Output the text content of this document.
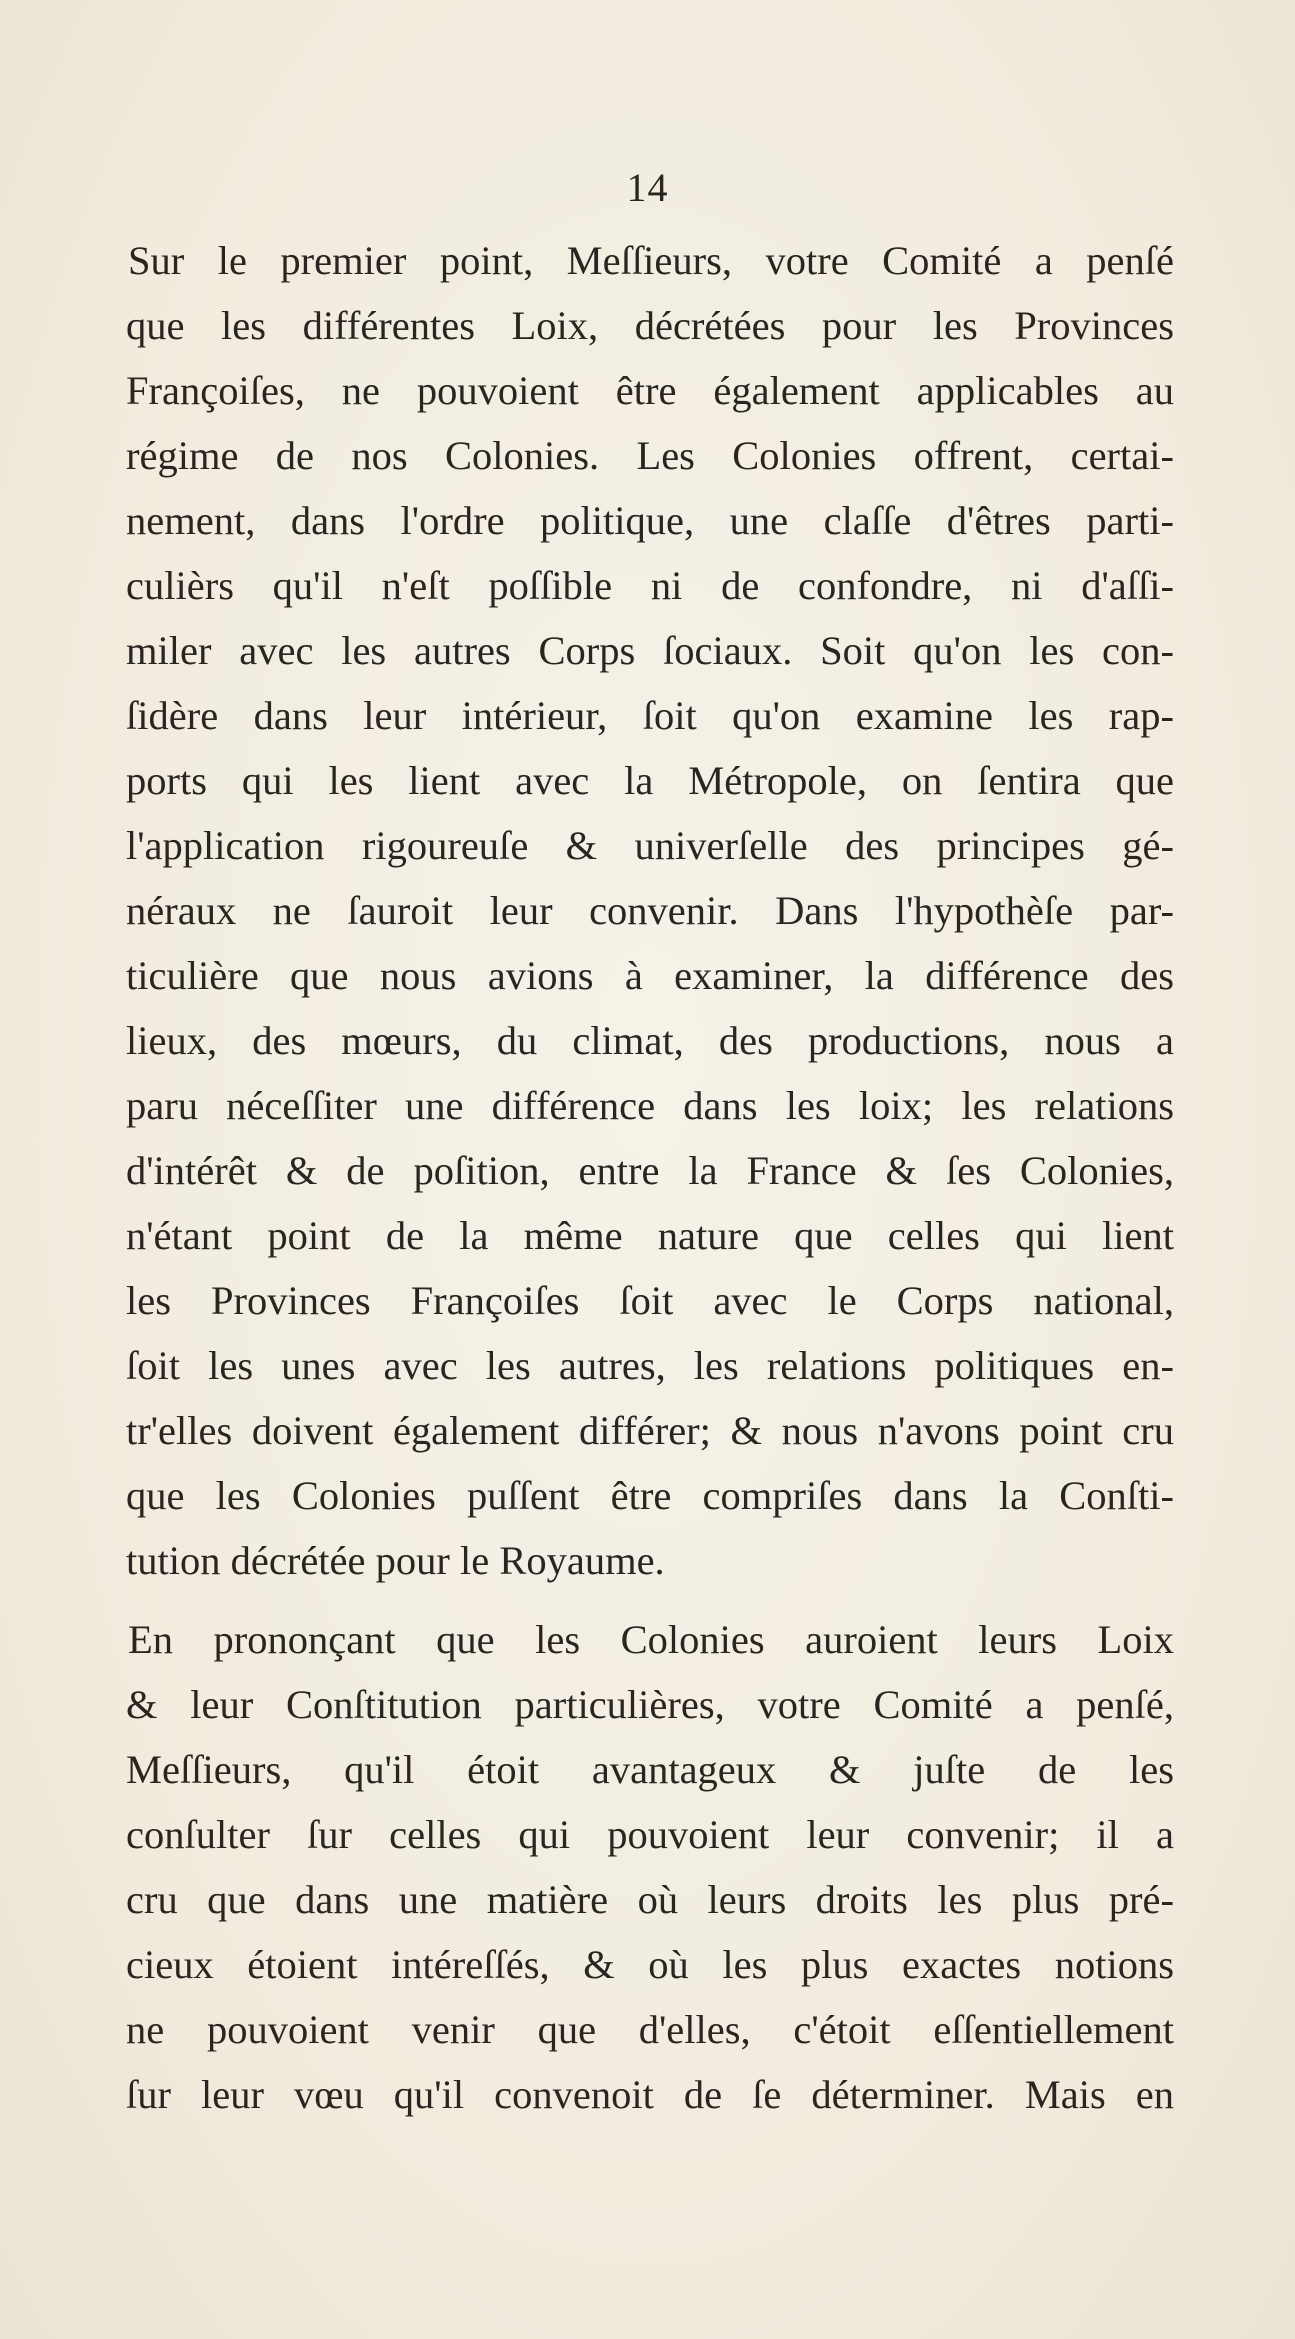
14
Sur le premier point, Meſſieurs, votre Comité a penſé
que les différentes Loix, décrétées pour les Provinces
Françoiſes, ne pouvoient être également applicables au
régime de nos Colonies. Les Colonies offrent, certai-
nement, dans l'ordre politique, une claſſe d'êtres parti-
culièrs qu'il n'eſt poſſible ni de confondre, ni d'aſſi-
miler avec les autres Corps ſociaux. Soit qu'on les con-
ſidère dans leur intérieur, ſoit qu'on examine les rap-
ports qui les lient avec la Métropole, on ſentira que
l'application rigoureuſe & univerſelle des principes gé-
néraux ne ſauroit leur convenir. Dans l'hypothèſe par-
ticulière que nous avions à examiner, la différence des
lieux, des mœurs, du climat, des productions, nous a
paru néceſſiter une différence dans les loix; les relations
d'intérêt & de poſition, entre la France & ſes Colonies,
n'étant point de la même nature que celles qui lient
les Provinces Françoiſes ſoit avec le Corps national,
ſoit les unes avec les autres, les relations politiques en-
tr'elles doivent également différer; & nous n'avons point cru
que les Colonies puſſent être compriſes dans la Conſti-
tution décrétée pour le Royaume.
En prononçant que les Colonies auroient leurs Loix
& leur Conſtitution particulières, votre Comité a penſé,
Meſſieurs, qu'il étoit avantageux & juſte de les
conſulter ſur celles qui pouvoient leur convenir; il a
cru que dans une matière où leurs droits les plus pré-
cieux étoient intéreſſés, & où les plus exactes notions
ne pouvoient venir que d'elles, c'étoit eſſentiellement
ſur leur vœu qu'il convenoit de ſe déterminer. Mais en
